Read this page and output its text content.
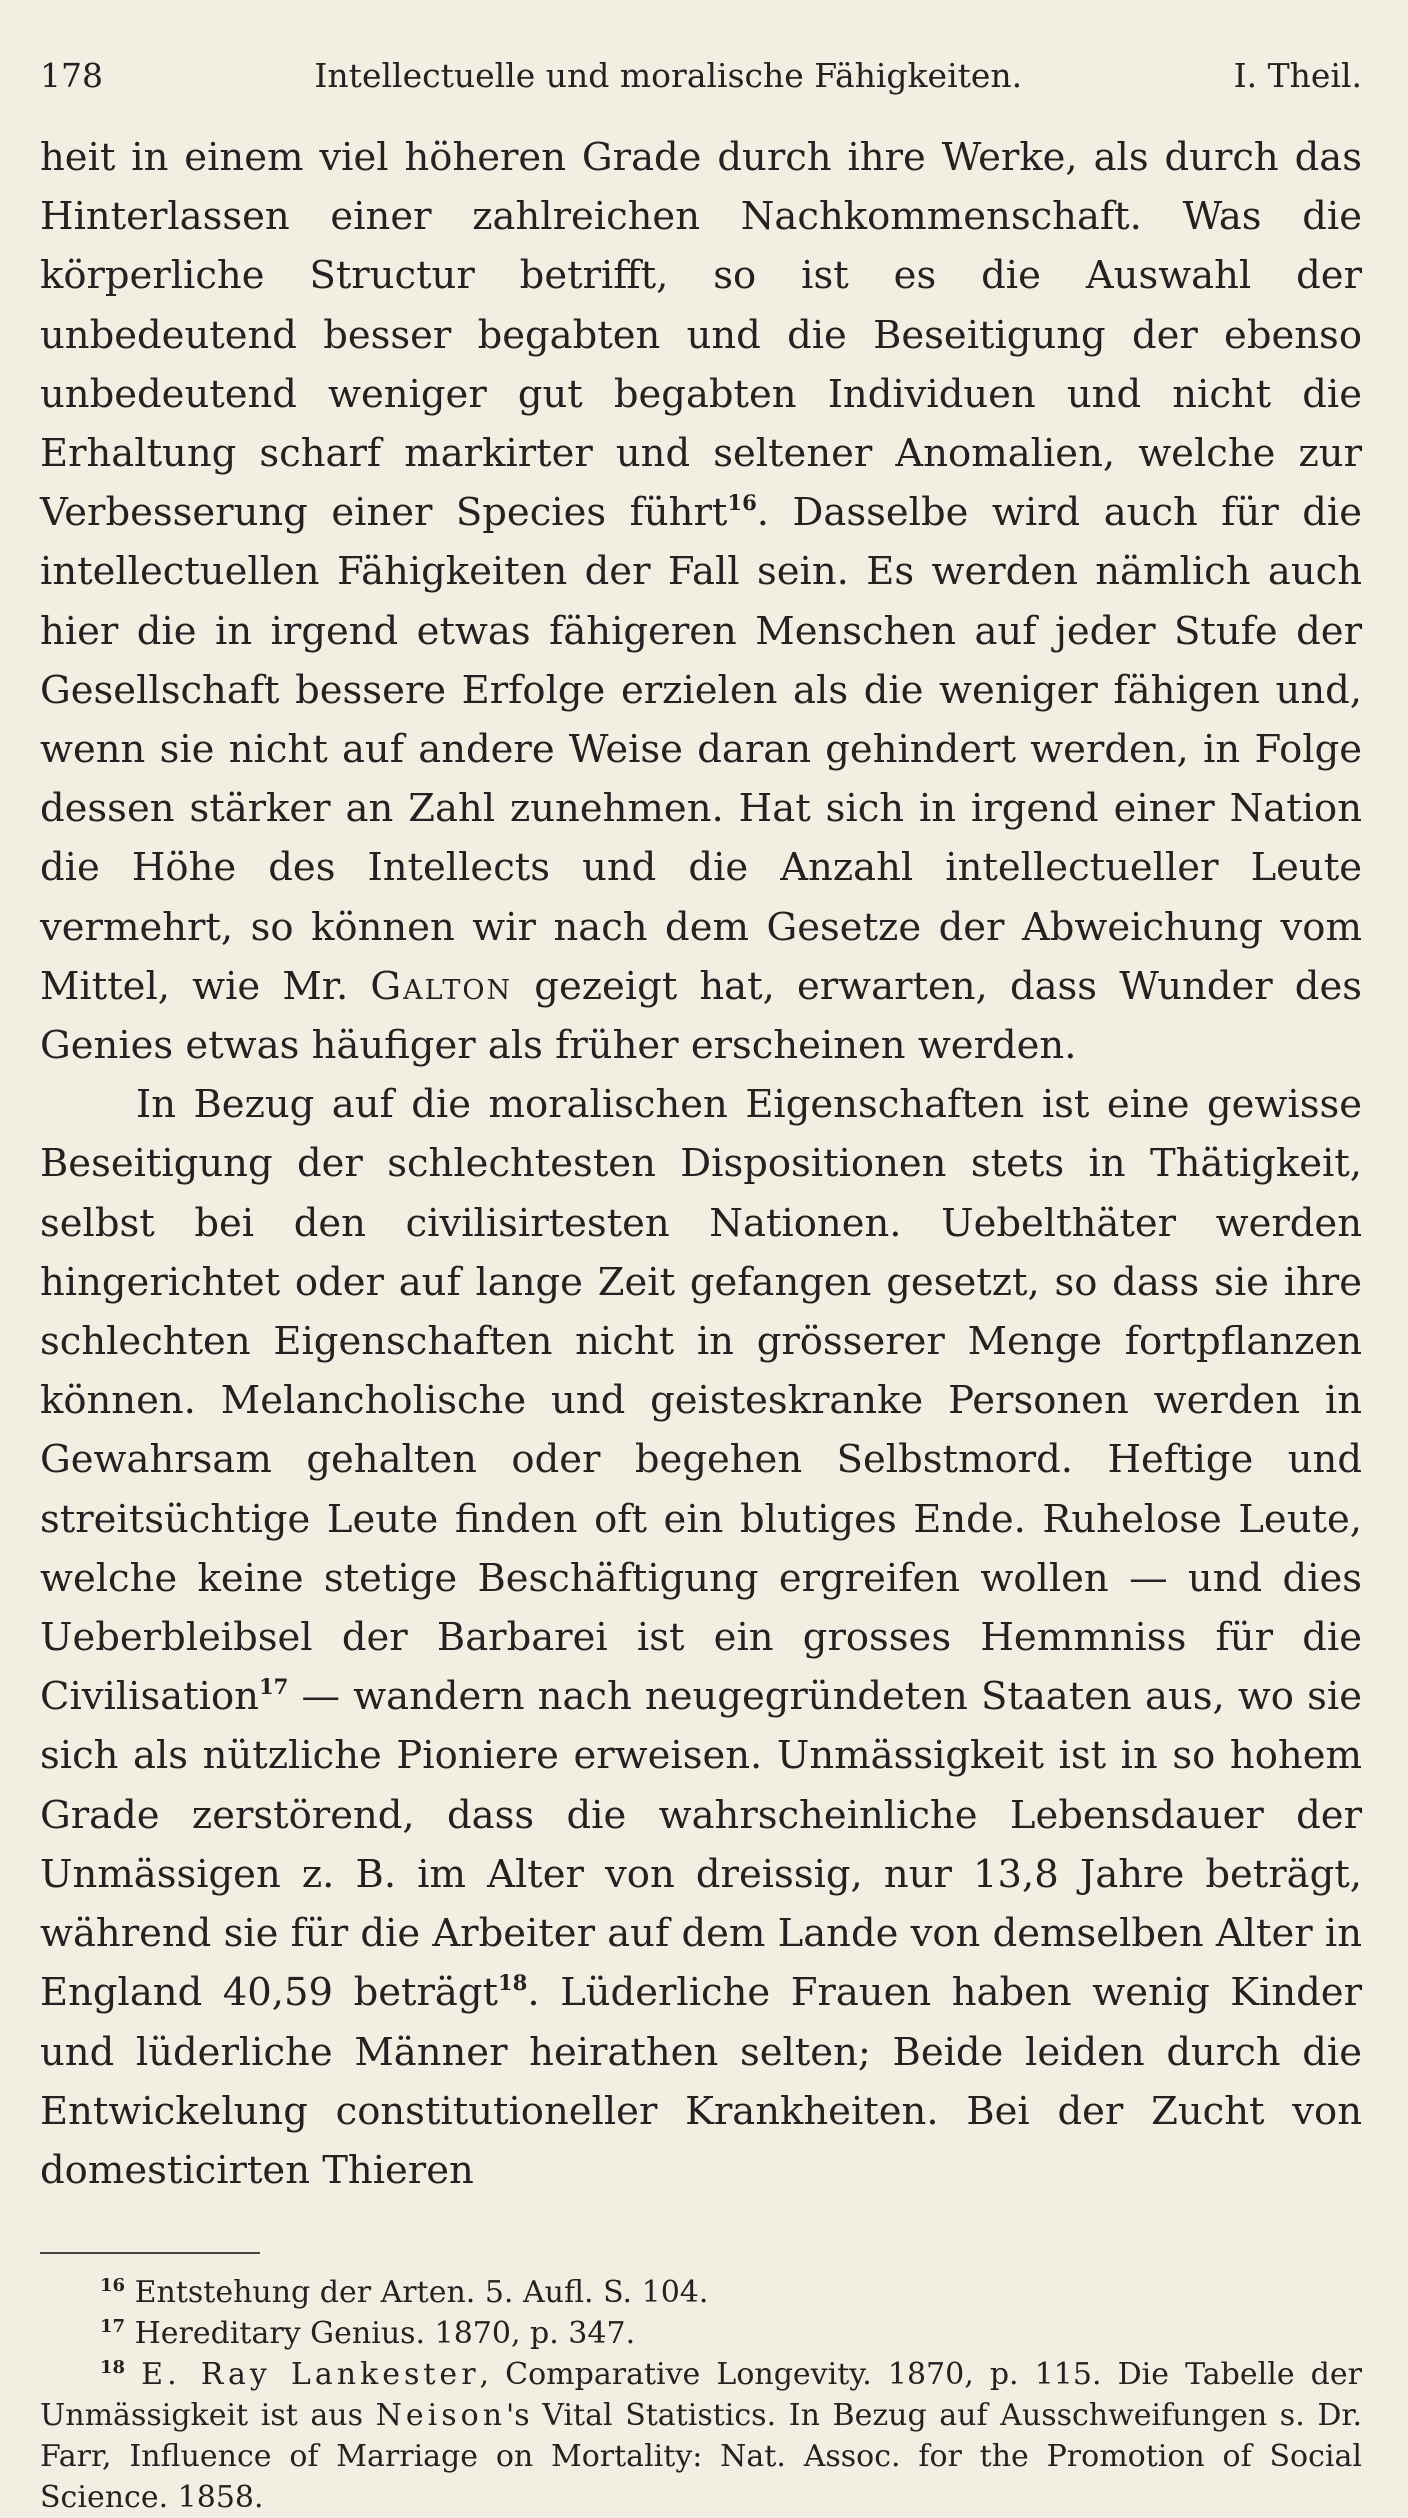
178	Intellectuelle und moralische Fähigkeiten.	I. Theil.

heit in einem viel höheren Grade durch ihre Werke, als durch das Hinterlassen einer zahlreichen Nachkommenschaft. Was die körperliche Structur betrifft, so ist es die Auswahl der unbedeutend besser begabten und die Beseitigung der ebenso unbedeutend weniger gut begabten Individuen und nicht die Erhaltung scharf markirter und seltener Anomalien, welche zur Verbesserung einer Species führt$^{16}$. Dasselbe wird auch für die intellectuellen Fähigkeiten der Fall sein. Es werden nämlich auch hier die in irgend etwas fähigeren Menschen auf jeder Stufe der Gesellschaft bessere Erfolge erzielen als die weniger fähigen und, wenn sie nicht auf andere Weise daran gehindert werden, in Folge dessen stärker an Zahl zunehmen. Hat sich in irgend einer Nation die Höhe des Intellects und die Anzahl intellectueller Leute vermehrt, so können wir nach dem Gesetze der Abweichung vom Mittel, wie Mr. Galton gezeigt hat, erwarten, dass Wunder des Genies etwas häufiger als früher erscheinen werden.

In Bezug auf die moralischen Eigenschaften ist eine gewisse Beseitigung der schlechtesten Dispositionen stets in Thätigkeit, selbst bei den civilisirtesten Nationen. Uebelthäter werden hingerichtet oder auf lange Zeit gefangen gesetzt, so dass sie ihre schlechten Eigenschaften nicht in grösserer Menge fortpflanzen können. Melancholische und geisteskranke Personen werden in Gewahrsam gehalten oder begehen Selbstmord. Heftige und streitsüchtige Leute finden oft ein blutiges Ende. Ruhelose Leute, welche keine stetige Beschäftigung ergreifen wollen — und dies Ueberbleibsel der Barbarei ist ein grosses Hemmniss für die Civilisation$^{17}$ — wandern nach neugegründeten Staaten aus, wo sie sich als nützliche Pioniere erweisen. Unmässigkeit ist in so hohem Grade zerstörend, dass die wahrscheinliche Lebensdauer der Unmässigen z. B. im Alter von dreissig, nur 13,8 Jahre beträgt, während sie für die Arbeiter auf dem Lande von demselben Alter in England 40,59 beträgt$^{18}$. Lüderliche Frauen haben wenig Kinder und lüderliche Männer heirathen selten; Beide leiden durch die Entwickelung constitutioneller Krankheiten. Bei der Zucht von domesticirten Thieren

$^{16}$ Entstehung der Arten. 5. Aufl. S. 104.

$^{17}$ Hereditary Genius. 1870, p. 347.

$^{18}$ E. Ray Lankester, Comparative Longevity. 1870, p. 115. Die Tabelle der Unmässigkeit ist aus Neison's Vital Statistics. In Bezug auf Ausschweifungen s. Dr. Farr, Influence of Marriage on Mortality: Nat. Assoc. for the Promotion of Social Science. 1858.
